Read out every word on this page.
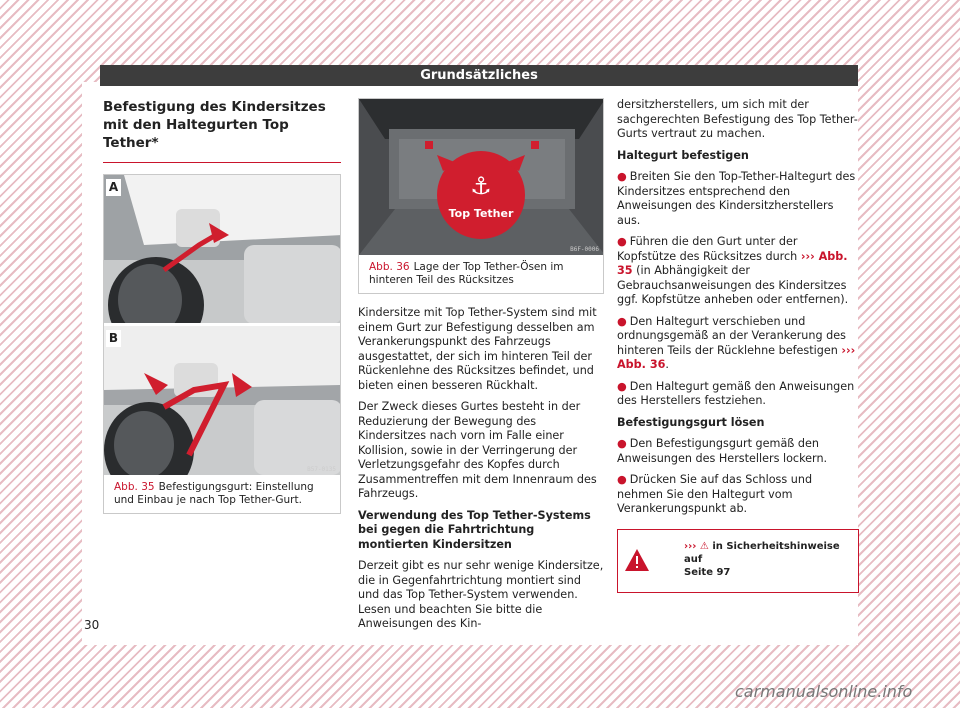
Grundsätzliches
Befestigung des Kindersitzes mit den Haltegurten Top Tether*
A
B
B57-0135
Abb. 35 Befestigungsgurt: Einstellung und Einbau je nach Top Tether-Gurt.
Top Tether
⚓
B6F-0006
Abb. 36 Lage der Top Tether-Ösen im hinteren Teil des Rücksitzes

Kindersitze mit Top Tether-System sind mit einem Gurt zur Befestigung desselben am Verankerungspunkt des Fahrzeugs ausgestattet, der sich im hinteren Teil der Rückenlehne des Rücksitzes befindet, und bieten einen besseren Rückhalt.

Der Zweck dieses Gurtes besteht in der Reduzierung der Bewegung des Kindersitzes nach vorn im Falle einer Kollision, sowie in der Verringerung der Verletzungsgefahr des Kopfes durch Zusammentreffen mit dem Innenraum des Fahrzeugs.

Verwendung des Top Tether-Systems bei gegen die Fahrtrichtung montierten Kindersitzen

Derzeit gibt es nur sehr wenige Kindersitze, die in Gegenfahrtrichtung montiert sind und das Top Tether-System verwenden. Lesen und beachten Sie bitte die Anweisungen des Kin-

dersitzherstellers, um sich mit der sachgerechten Befestigung des Top Tether-Gurts vertraut zu machen.

Haltegurt befestigen

● Breiten Sie den Top-Tether-Haltegurt des Kindersitzes entsprechend den Anweisungen des Kindersitzherstellers aus.

● Führen die den Gurt unter der Kopfstütze des Rücksitzes durch ››› Abb. 35 (in Abhängigkeit der Gebrauchsanweisungen des Kindersitzes ggf. Kopfstütze anheben oder entfernen).

● Den Haltegurt verschieben und ordnungsgemäß an der Verankerung des hinteren Teils der Rücklehne befestigen ››› Abb. 36.

● Den Haltegurt gemäß den Anweisungen des Herstellers festziehen.

Befestigungsgurt lösen

● Den Befestigungsgurt gemäß den Anweisungen des Herstellers lockern.

● Drücken Sie auf das Schloss und nehmen Sie den Haltegurt vom Verankerungspunkt ab.

››› ⚠ in Sicherheitshinweise auf
Seite 97
30
carmanualsonline.info
